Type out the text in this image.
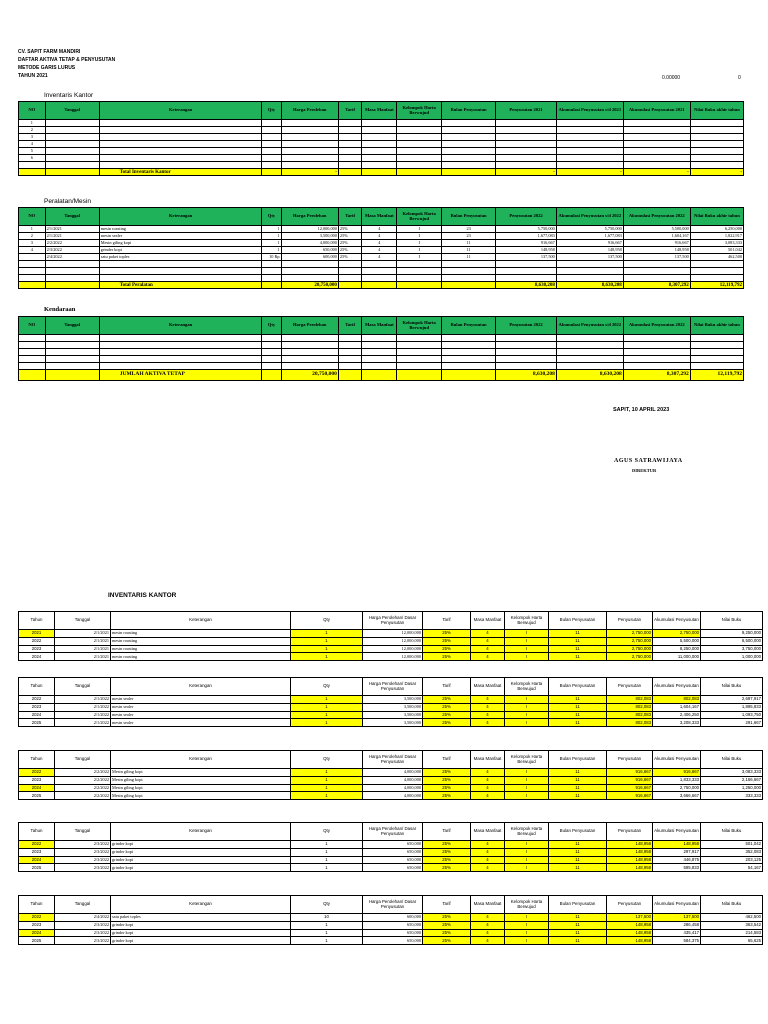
CV. SAPIT FARM MANDIRI
DAFTAR AKTIVA TETAP & PENYUSUTAN
METODE GARIS LURUS
TAHUN 2021	0.00000	0
Inventaris Kantor
Peralatan/Mesin
Kendaraan
NO	Tanggal	Keterangan	Qty	Harga Perolehan	Tarif	Masa Manfaat	Kelompok Harta Berwujud	Bulan Penyusutan	Penyusutan 2021	Akumulasi Penyusutan s/d 2021	Akumulasi Penyusutan 2021	Nilai Buku akhir tahun
1												
2												
3												
4												
5												
6												

		Total Inventaris Kantor		-					-	-	-	-
NO	Tanggal	Keterangan	Qty	Harga Perolehan	Tarif	Masa Manfaat	Kelompok Harta Berwujud	Bulan Penyusutan	Penyusutan 2022	Akumulasi Penyusutan s/d 2022	Akumulasi Penyusutan 2022	Nilai Buku akhir tahun
1	2/1/2021	mesin roasting	1	12,000,000	25%	4	I	23	5,750,000	5,750,000	5,500,000	6,250,000
2	2/1/2021	mesin sealer	1	3,500,000	25%	4	I	23	1,677,083	1,677,083	1,604,167	1,822,917
3	2/2/2022	Mesin giling kopi	1	4,000,000	25%	4	I	11	916,667	916,667	916,667	3,083,333
4	2/3/2022	grinder kopi	1	650,000	25%	4	I	11	148,958	148,958	148,958	501,042
	2/4/2022	satu paket toples	10 Rp	600,000	25%	4	I	11	137,500	137,500	137,500	462,500

		Total Peralatan		20,750,000					8,630,208	8,630,208	8,307,292	12,119,792
NO	Tanggal	Keterangan	Qty	Harga Perolehan	Tarif	Masa Manfaat	Kelompok Harta Berwujud	Bulan Penyusutan	Penyusutan 2022	Akumulasi Penyusutan s/d 2022	Akumulasi Penyusutan 2022	Nilai Buku akhir tahun

		JUMLAH AKTIVA TETAP		20,750,000					8,630,208	8,630,208	8,307,292	12,119,792
SAPIT, 10 APRIL 2023
AGUS SATRAWIJAYA
DIREKTUR
INVENTARIS KANTOR
Tahun	Tanggal	Keterangan	Qty	Harga Perolehan/ Dasar Penyusutan	Tarif	Masa Manfaat	Kelompok Harta Berwujud	Bulan Penyusutan	Penyusutan	Akumulasi Penyusutan	Nilai Buku
2021	2/1/2021	mesin roasting	1	12,000,000	25%	4	I	11	2,750,000	2,750,000	9,250,000
2022	2/1/2021	mesin roasting	1	12,000,000	25%	4	I	11	2,750,000	5,500,000	6,500,000
2023	2/1/2021	mesin roasting	1	12,000,000	25%	4	I	11	2,750,000	8,250,000	3,750,000
2024	2/1/2021	mesin roasting	1	12,000,000	25%	4	I	11	2,750,000	11,000,000	1,000,000
Tahun	Tanggal	Keterangan	Qty	Harga Perolehan/ Dasar Penyusutan	Tarif	Masa Manfaat	Kelompok Harta Berwujud	Bulan Penyusutan	Penyusutan	Akumulasi Penyusutan	Nilai Buku
2022	2/1/2022	mesin sealer	1	3,500,000	25%	4	I	11	802,083	802,083	2,697,917
2023	2/1/2022	mesin sealer	1	3,500,000	25%	4	I	11	802,083	1,604,167	1,895,833
2024	2/1/2022	mesin sealer	1	3,500,000	25%	4	I	11	802,083	2,406,250	1,093,750
2025	2/1/2022	mesin sealer	1	3,500,000	25%	4	I	11	802,083	3,208,333	291,667
Tahun	Tanggal	Keterangan	Qty	Harga Perolehan/ Dasar Penyusutan	Tarif	Masa Manfaat	Kelompok Harta Berwujud	Bulan Penyusutan	Penyusutan	Akumulasi Penyusutan	Nilai Buku
2022	2/2/2022	Mesin giling kopi	1	4,000,000	25%	4	I	11	916,667	916,667	3,083,333
2023	2/2/2022	Mesin giling kopi	1	4,000,000	25%	4	I	11	916,667	1,833,333	2,166,667
2024	2/2/2022	Mesin giling kopi	1	4,000,000	25%	4	I	11	916,667	2,750,000	1,250,000
2025	2/2/2022	Mesin giling kopi	1	4,000,000	25%	4	I	11	916,667	3,666,667	333,333
Tahun	Tanggal	Keterangan	Qty	Harga Perolehan/ Dasar Penyusutan	Tarif	Masa Manfaat	Kelompok Harta Berwujud	Bulan Penyusutan	Penyusutan	Akumulasi Penyusutan	Nilai Buku
2022	2/3/2022	grinder kopi	1	650,000	25%	4	I	11	148,958	148,958	501,042
2023	2/3/2022	grinder kopi	1	650,000	25%	4	I	11	148,958	297,917	352,083
2024	2/3/2022	grinder kopi	1	650,000	25%	4	I	11	148,958	446,875	203,125
2025	2/3/2022	grinder kopi	1	650,000	25%	4	I	11	148,958	595,833	54,167
Tahun	Tanggal	Keterangan	Qty	Harga Perolehan/ Dasar Penyusutan	Tarif	Masa Manfaat	Kelompok Harta Berwujud	Bulan Penyusutan	Penyusutan	Akumulasi Penyusutan	Nilai Buku
2022	2/4/2022	satu paket toples	10	600,000	25%	4	I	11	137,500	137,500	462,500
2023	2/3/2022	grinder kopi	1	650,000	25%	4	I	11	148,958	286,458	363,542
2024	2/3/2022	grinder kopi	1	650,000	25%	4	I	11	148,958	435,417	214,583
2025	2/3/2022	grinder kopi	1	650,000	25%	4	I	11	148,958	584,375	65,625
